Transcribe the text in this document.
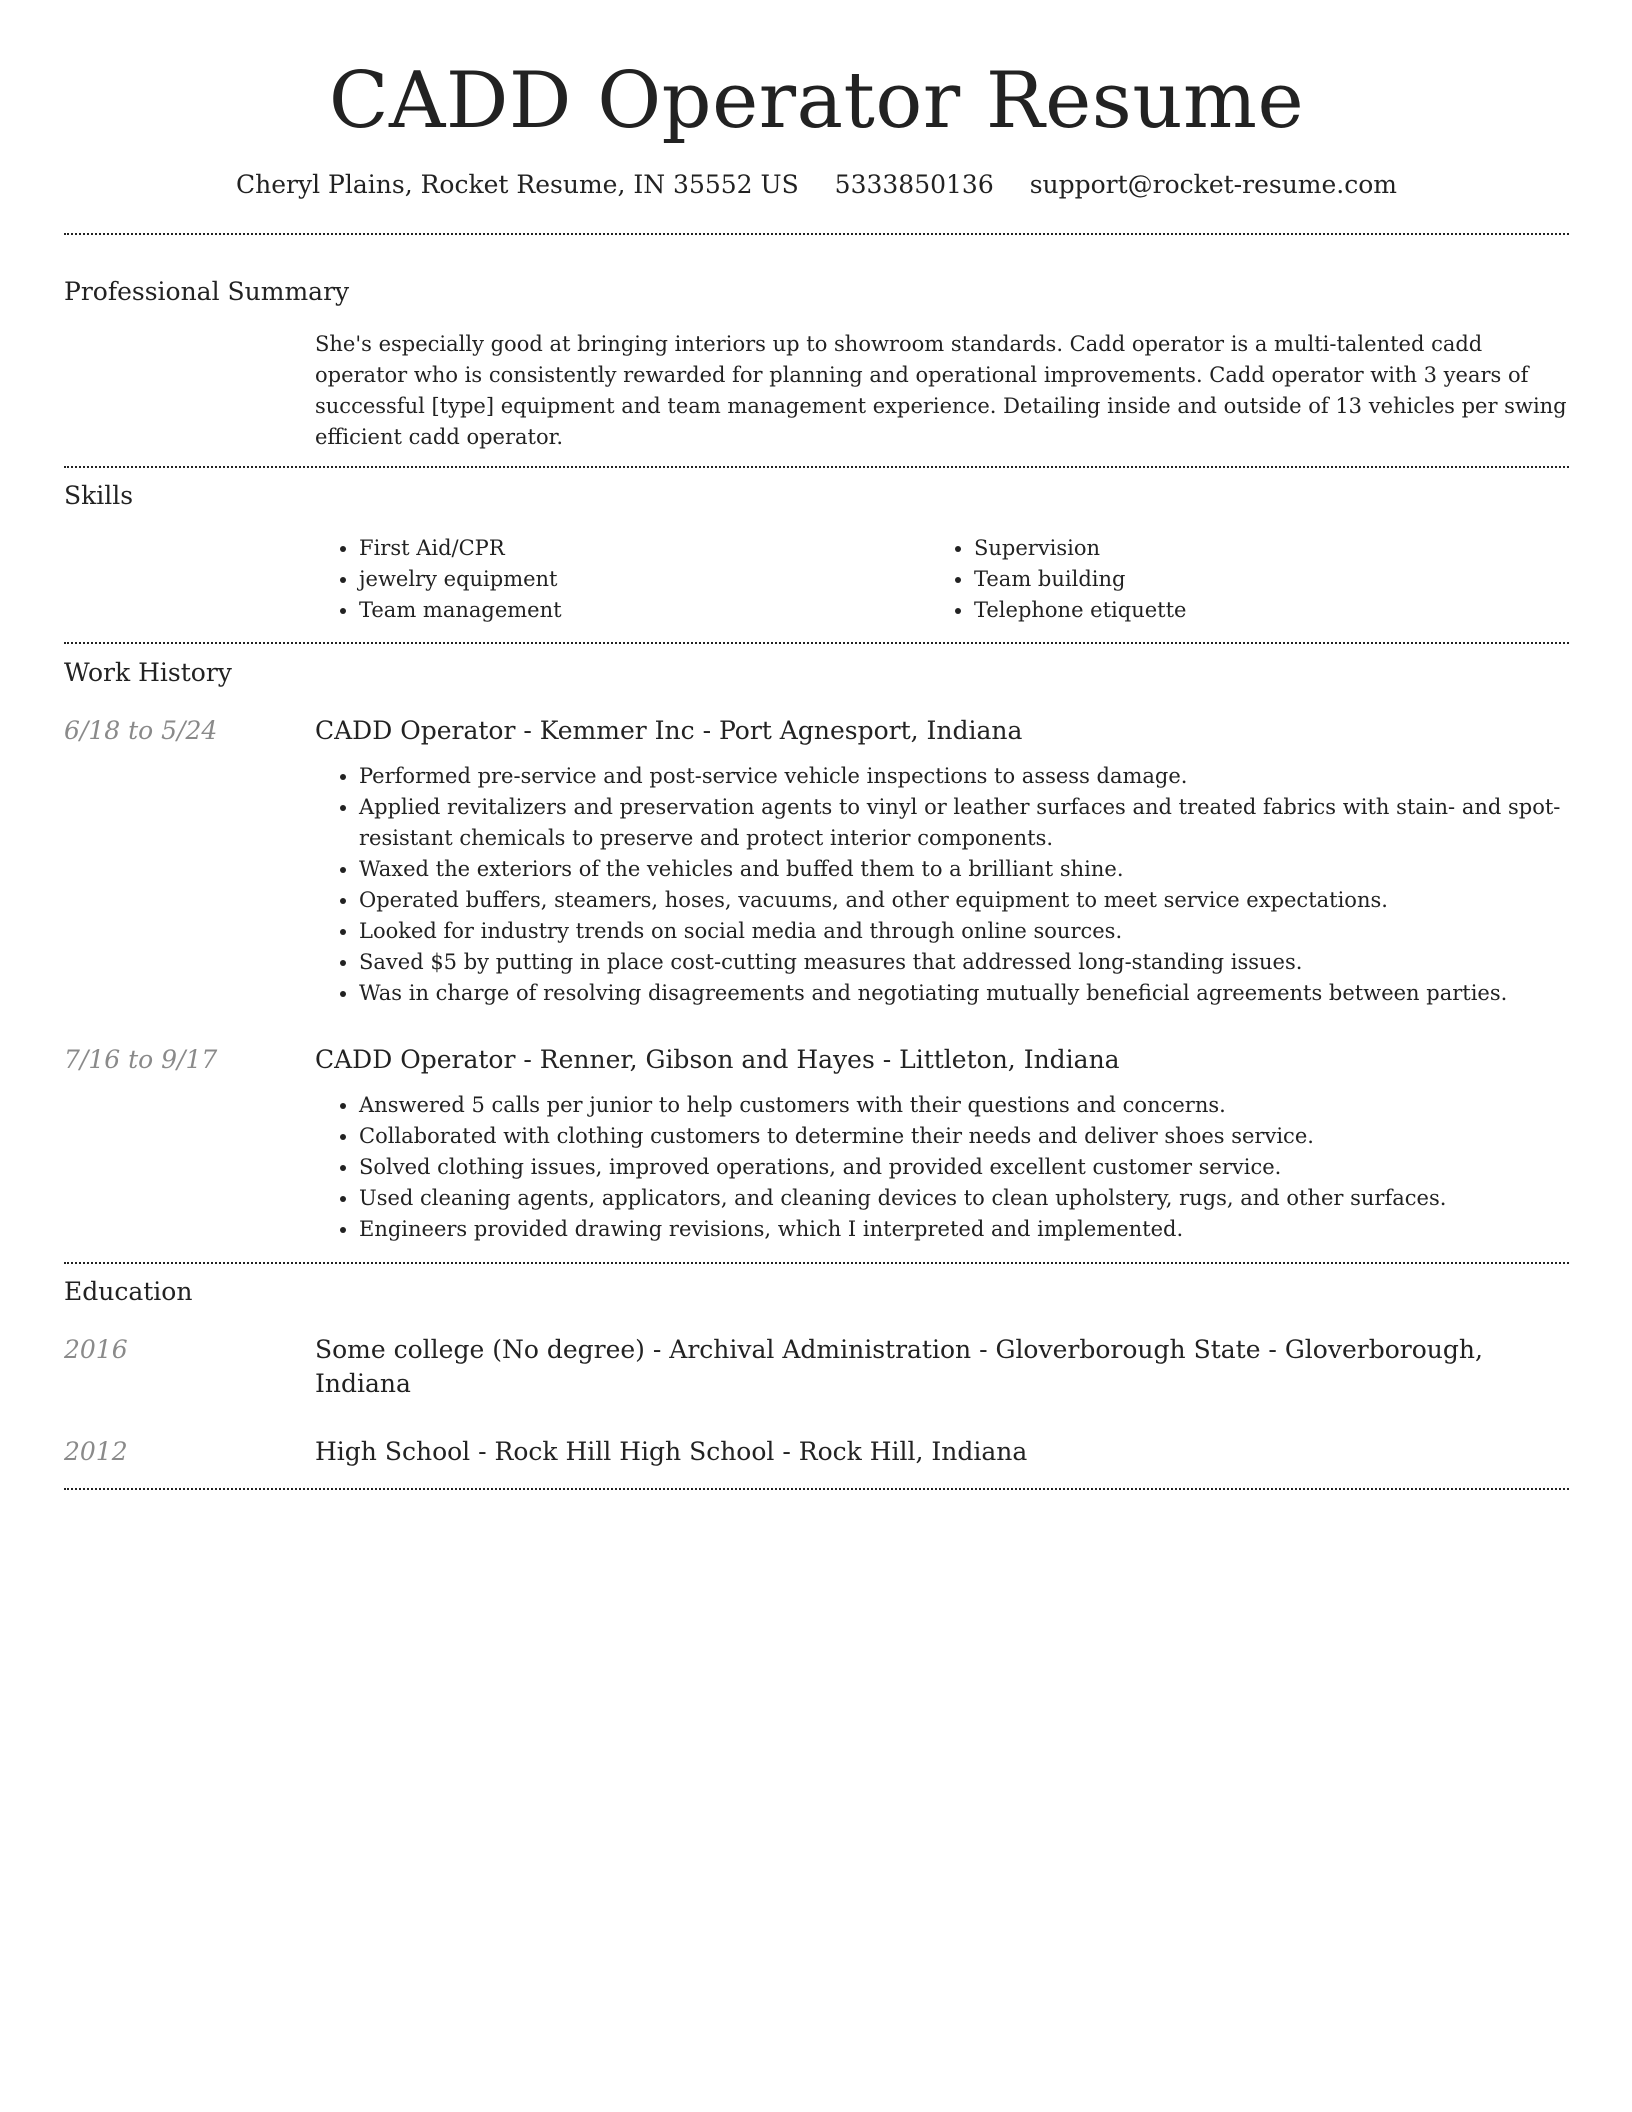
CADD Operator Resume
Cheryl Plains, Rocket Resume, IN 35552 US 5333850136 support@rocket-resume.com
Professional Summary
She's especially good at bringing interiors up to showroom standards. Cadd operator is a multi-talented cadd operator who is consistently rewarded for planning and operational improvements. Cadd operator with 3 years of successful [type] equipment and team management experience. Detailing inside and outside of 13 vehicles per swing efficient cadd operator.
Skills
• First Aid/CPR
• jewelry equipment
• Team management
• Supervision
• Team building
• Telephone etiquette
Work History
6/18 to 5/24	CADD Operator - Kemmer Inc - Port Agnesport, Indiana
• Performed pre-service and post-service vehicle inspections to assess damage.
• Applied revitalizers and preservation agents to vinyl or leather surfaces and treated fabrics with stain- and spot-resistant chemicals to preserve and protect interior components.
• Waxed the exteriors of the vehicles and buffed them to a brilliant shine.
• Operated buffers, steamers, hoses, vacuums, and other equipment to meet service expectations.
• Looked for industry trends on social media and through online sources.
• Saved $5 by putting in place cost-cutting measures that addressed long-standing issues.
• Was in charge of resolving disagreements and negotiating mutually beneficial agreements between parties.
7/16 to 9/17	CADD Operator - Renner, Gibson and Hayes - Littleton, Indiana
• Answered 5 calls per junior to help customers with their questions and concerns.
• Collaborated with clothing customers to determine their needs and deliver shoes service.
• Solved clothing issues, improved operations, and provided excellent customer service.
• Used cleaning agents, applicators, and cleaning devices to clean upholstery, rugs, and other surfaces.
• Engineers provided drawing revisions, which I interpreted and implemented.
Education
2016	Some college (No degree) - Archival Administration - Gloverborough State - Gloverborough, Indiana
2012	High School - Rock Hill High School - Rock Hill, Indiana
